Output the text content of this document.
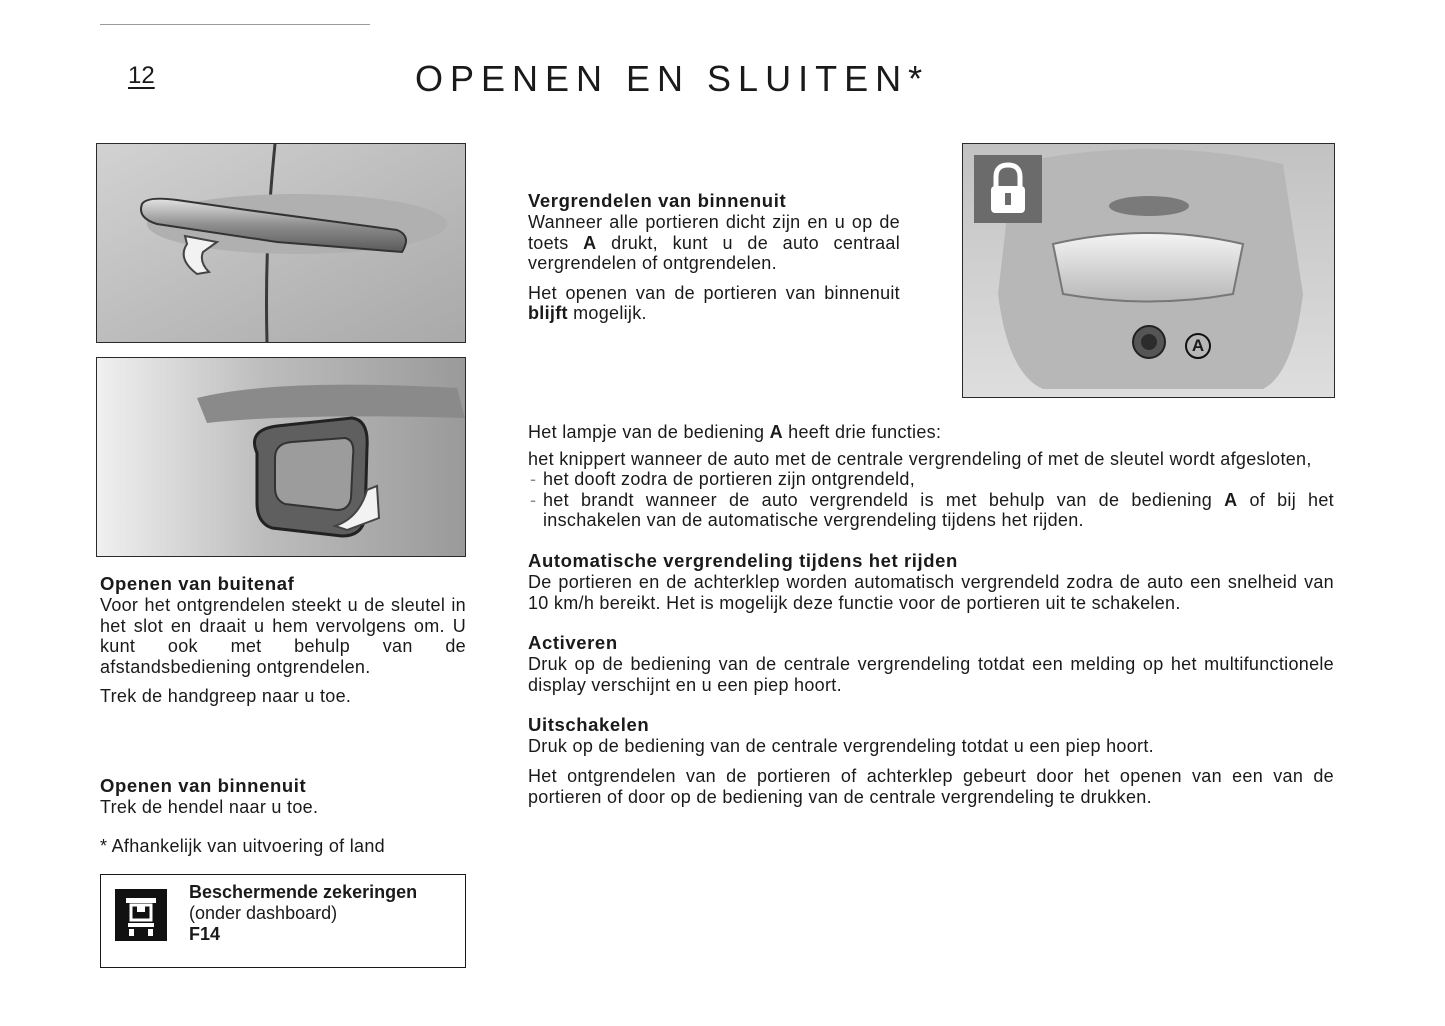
12	OPENEN EN SLUITEN*

Openen van buitenaf

Voor het ontgrendelen steekt u de sleutel in het slot en draait u hem vervolgens om. U kunt ook met behulp van de afstandsbediening ontgrendelen.

Trek de handgreep naar u toe.

Openen van binnenuit

Trek de hendel naar u toe.

* Afhankelijk van uitvoering of land
Beschermende zekeringen
(onder dashboard)
F14

Vergrendelen van binnenuit

Wanneer alle portieren dicht zijn en u op de toets A drukt, kunt u de auto centraal vergrendelen of ontgrendelen.

Het openen van de portieren van binnenuit blijft mogelijk.

A

Het lampje van de bediening A heeft drie functies:

het knippert wanneer de auto met de centrale vergrendeling of met de sleutel wordt afgesloten,

- het dooft zodra de portieren zijn ontgrendeld,
- het brandt wanneer de auto vergrendeld is met behulp van de bediening A of bij het inschakelen van de automatische vergrendeling tijdens het rijden.

Automatische vergrendeling tijdens het rijden

De portieren en de achterklep worden automatisch vergrendeld zodra de auto een snelheid van 10 km/h bereikt. Het is mogelijk deze functie voor de portieren uit te schakelen.

Activeren

Druk op de bediening van de centrale vergrendeling totdat een melding op het multifunctionele display verschijnt en u een piep hoort.

Uitschakelen

Druk op de bediening van de centrale vergrendeling totdat u een piep hoort.

Het ontgrendelen van de portieren of achterklep gebeurt door het openen van een van de portieren of door op de bediening van de centrale vergrendeling te drukken.
